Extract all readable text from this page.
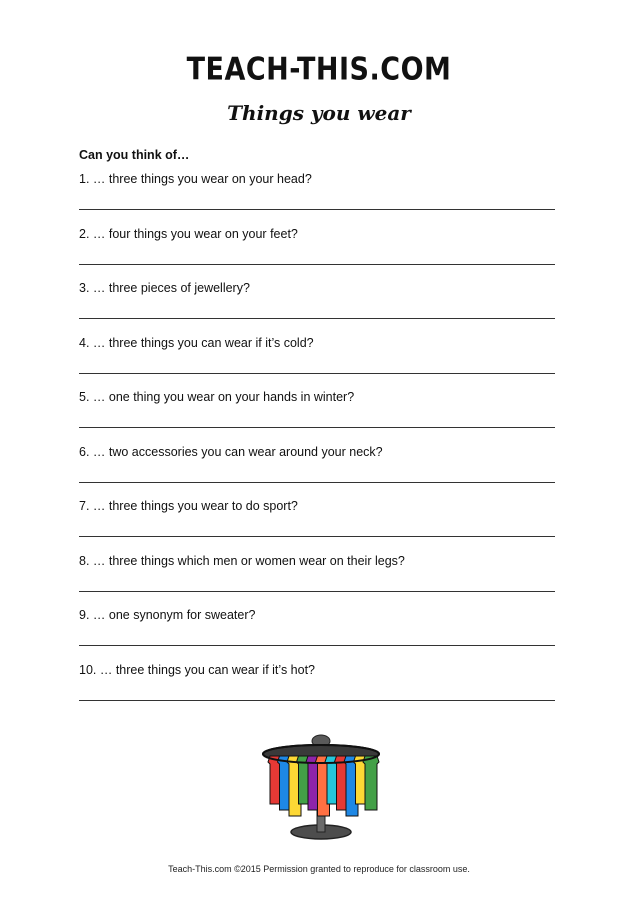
TEACH-THIS.COM
Things you wear
Can you think of…
1. … three things you wear on your head?
2. … four things you wear on your feet?
3. … three pieces of jewellery?
4. … three things you can wear if it’s cold?
5. … one thing you wear on your hands in winter?
6. … two accessories you can wear around your neck?
7. … three things you wear to do sport?
8. … three things which men or women wear on their legs?
9. … one synonym for sweater?
10. … three things you can wear if it’s hot?
Teach-This.com ©2015 Permission granted to reproduce for classroom use.
